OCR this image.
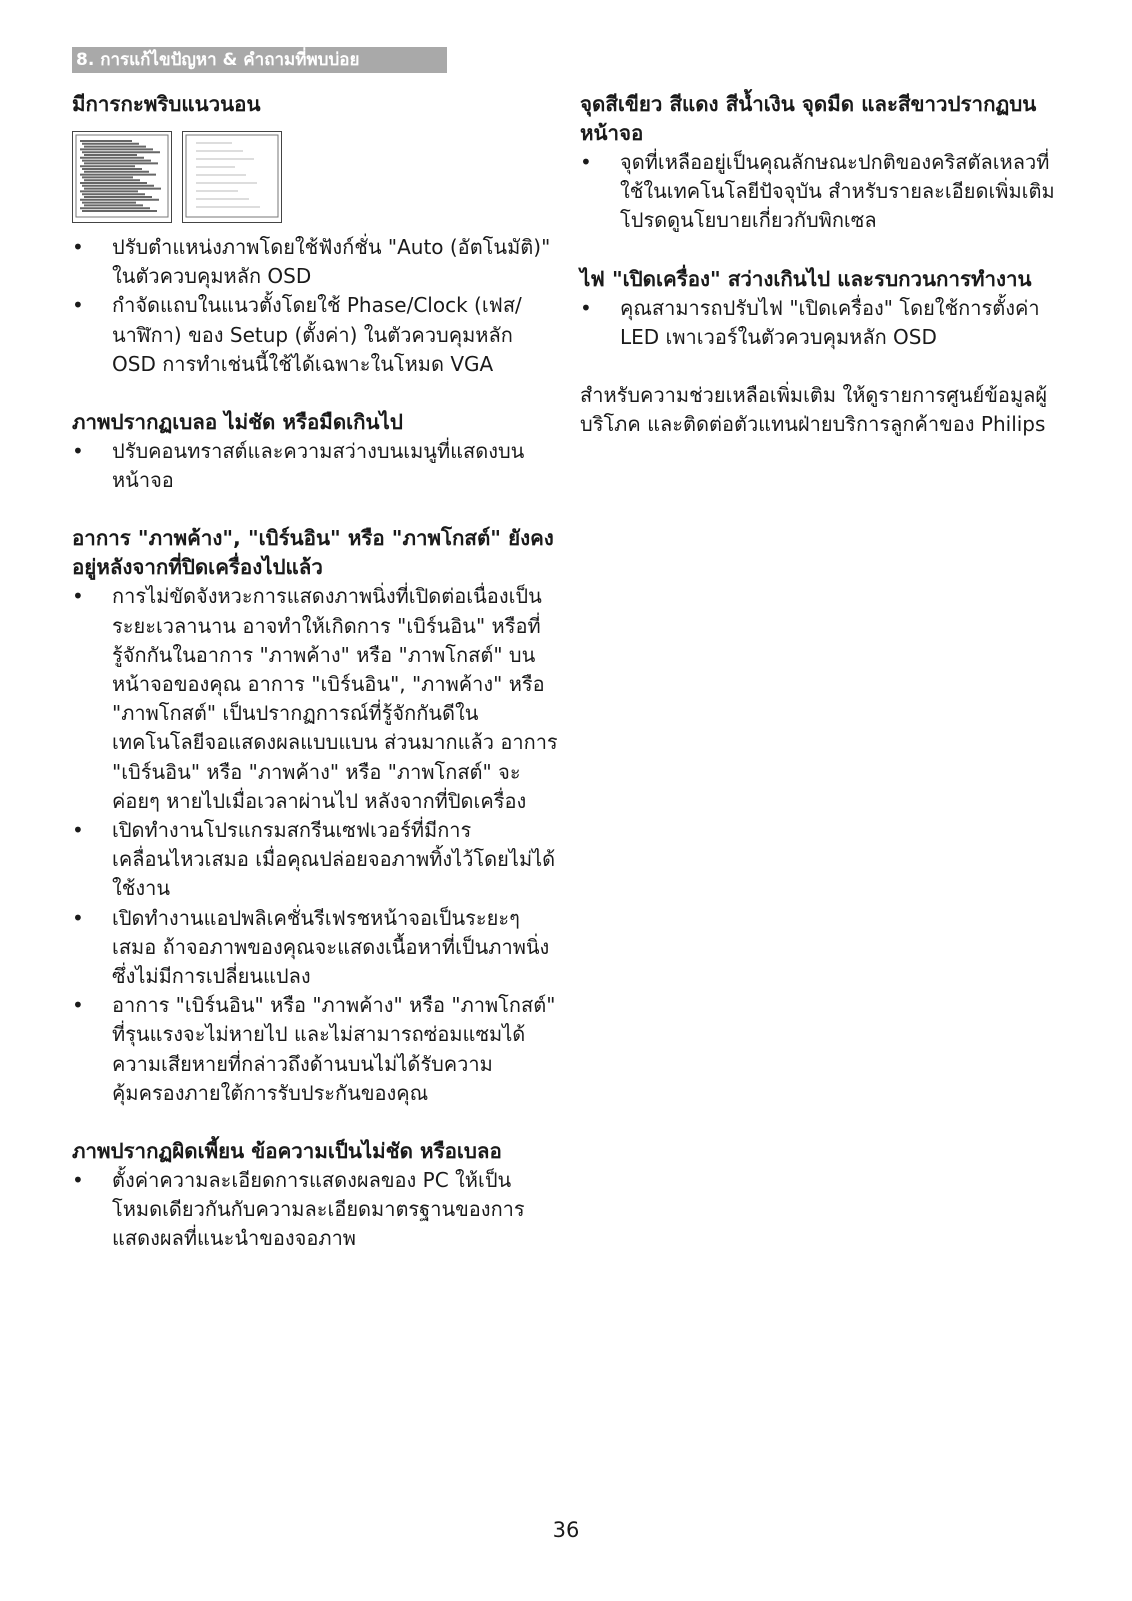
8. การแก้ไขปัญหา & คำถามที่พบบ่อย
มีการกะพริบแนวนอน
•	ปรับตำแหน่งภาพโดยใช้ฟังก์ชั่น "Auto (อัตโนมัติ)" ในตัวควบคุมหลัก OSD
•	กำจัดแถบในแนวตั้งโดยใช้ Phase/Clock (เฟส/นาฬิกา) ของ Setup (ตั้งค่า) ในตัวควบคุมหลัก OSD การทำเช่นนี้ใช้ได้เฉพาะในโหมด VGA
ภาพปรากฏเบลอ ไม่ชัด หรือมืดเกินไป
•	ปรับคอนทราสต์และความสว่างบนเมนูที่แสดงบนหน้าจอ
อาการ "ภาพค้าง", "เบิร์นอิน" หรือ "ภาพโกสต์" ยังคงอยู่หลังจากที่ปิดเครื่องไปแล้ว
•	การไม่ขัดจังหวะการแสดงภาพนิ่งที่เปิดต่อเนื่องเป็นระยะเวลานาน อาจทำให้เกิดการ "เบิร์นอิน" หรือที่รู้จักกันในอาการ "ภาพค้าง" หรือ "ภาพโกสต์" บนหน้าจอของคุณ อาการ "เบิร์นอิน", "ภาพค้าง" หรือ "ภาพโกสต์" เป็นปรากฏการณ์ที่รู้จักกันดีในเทคโนโลยีจอแสดงผลแบบแบน ส่วนมากแล้ว อาการ "เบิร์นอิน" หรือ "ภาพค้าง" หรือ "ภาพโกสต์" จะค่อยๆ หายไปเมื่อเวลาผ่านไป หลังจากที่ปิดเครื่อง
•	เปิดทำงานโปรแกรมสกรีนเซฟเวอร์ที่มีการเคลื่อนไหวเสมอ เมื่อคุณปล่อยจอภาพทิ้งไว้โดยไม่ได้ใช้งาน
•	เปิดทำงานแอปพลิเคชั่นรีเฟรชหน้าจอเป็นระยะๆ เสมอ ถ้าจอภาพของคุณจะแสดงเนื้อหาที่เป็นภาพนิ่งซึ่งไม่มีการเปลี่ยนแปลง
•	อาการ "เบิร์นอิน" หรือ "ภาพค้าง" หรือ "ภาพโกสต์" ที่รุนแรงจะไม่หายไป และไม่สามารถซ่อมแซมได้ ความเสียหายที่กล่าวถึงด้านบนไม่ได้รับความคุ้มครองภายใต้การรับประกันของคุณ
ภาพปรากฏผิดเพี้ยน ข้อความเป็นไม่ชัด หรือเบลอ
•	ตั้งค่าความละเอียดการแสดงผลของ PC ให้เป็นโหมดเดียวกันกับความละเอียดมาตรฐานของการแสดงผลที่แนะนำของจอภาพ
จุดสีเขียว สีแดง สีน้ำเงิน จุดมืด และสีขาวปรากฏบนหน้าจอ
•	จุดที่เหลืออยู่เป็นคุณลักษณะปกติของคริสตัลเหลวที่ใช้ในเทคโนโลยีปัจจุบัน สำหรับรายละเอียดเพิ่มเติม โปรดดูนโยบายเกี่ยวกับพิกเซล
ไฟ "เปิดเครื่อง" สว่างเกินไป และรบกวนการทำงาน
•	คุณสามารถปรับไฟ "เปิดเครื่อง" โดยใช้การตั้งค่า LED เพาเวอร์ในตัวควบคุมหลัก OSD

สำหรับความช่วยเหลือเพิ่มเติม ให้ดูรายการศูนย์ข้อมูลผู้บริโภค และติดต่อตัวแทนฝ่ายบริการลูกค้าของ Philips

36
